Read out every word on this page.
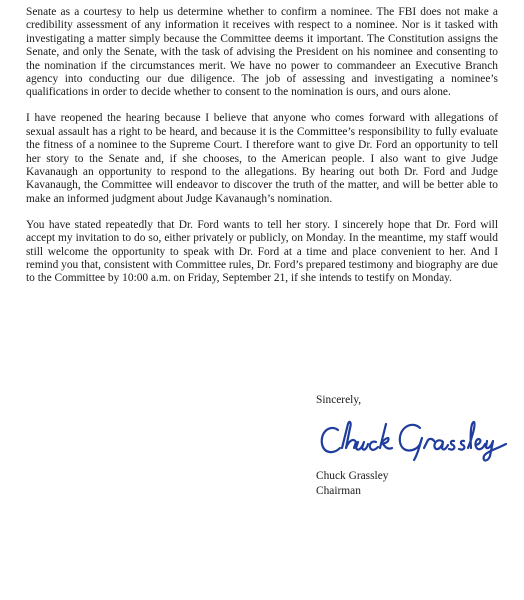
Senate as a courtesy to help us determine whether to confirm a nominee. The FBI does not make a credibility assessment of any information it receives with respect to a nominee. Nor is it tasked with investigating a matter simply because the Committee deems it important. The Constitution assigns the Senate, and only the Senate, with the task of advising the President on his nominee and consenting to the nomination if the circumstances merit. We have no power to commandeer an Executive Branch agency into conducting our due diligence. The job of assessing and investigating a nominee’s qualifications in order to decide whether to consent to the nomination is ours, and ours alone.

I have reopened the hearing because I believe that anyone who comes forward with allegations of sexual assault has a right to be heard, and because it is the Committee’s responsibility to fully evaluate the fitness of a nominee to the Supreme Court. I therefore want to give Dr. Ford an opportunity to tell her story to the Senate and, if she chooses, to the American people. I also want to give Judge Kavanaugh an opportunity to respond to the allegations. By hearing out both Dr. Ford and Judge Kavanaugh, the Committee will endeavor to discover the truth of the matter, and will be better able to make an informed judgment about Judge Kavanaugh’s nomination.

You have stated repeatedly that Dr. Ford wants to tell her story. I sincerely hope that Dr. Ford will accept my invitation to do so, either privately or publicly, on Monday. In the meantime, my staff would still welcome the opportunity to speak with Dr. Ford at a time and place convenient to her. And I remind you that, consistent with Committee rules, Dr. Ford’s prepared testimony and biography are due to the Committee by 10:00 a.m. on Friday, September 21, if she intends to testify on Monday.

Sincerely,
Chuck Grassley
Chairman
